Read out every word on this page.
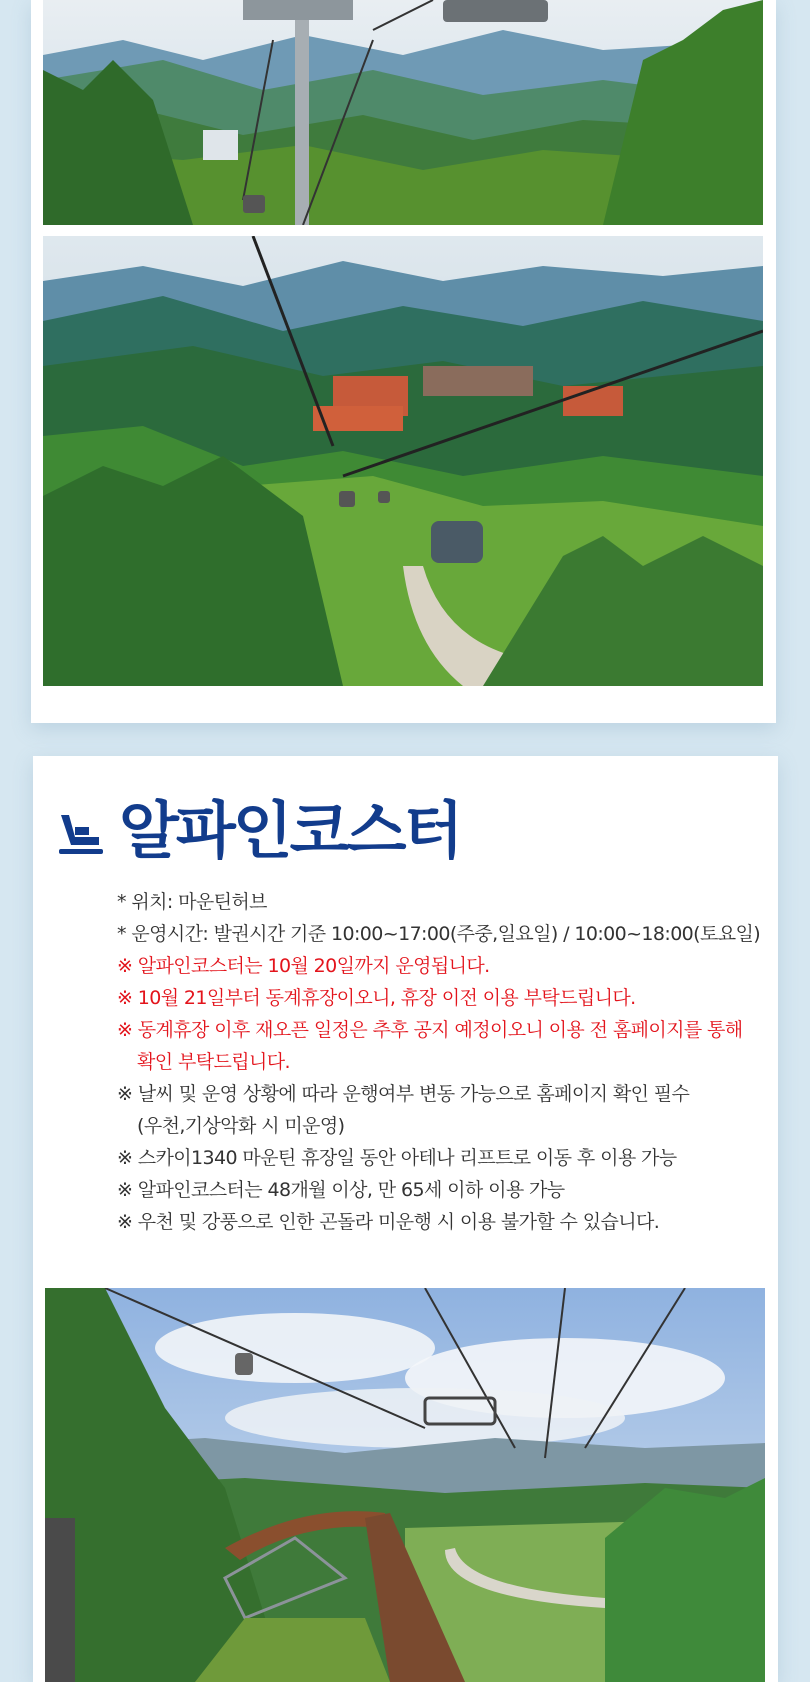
알파인코스터
* 위치: 마운틴허브
* 운영시간: 발권시간 기준 10:00~17:00(주중,일요일) / 10:00~18:00(토요일)
※ 알파인코스터는 10월 20일까지 운영됩니다.
※ 10월 21일부터 동계휴장이오니, 휴장 이전 이용 부탁드립니다.
※ 동계휴장 이후 재오픈 일정은 추후 공지 예정이오니 이용 전 홈페이지를 통해
확인 부탁드립니다.
※ 날씨 및 운영 상황에 따라 운행여부 변동 가능으로 홈페이지 확인 필수
(우천,기상악화 시 미운영)
※ 스카이1340 마운틴 휴장일 동안 아테나 리프트로 이동 후 이용 가능
※ 알파인코스터는 48개월 이상, 만 65세 이하 이용 가능
※ 우천 및 강풍으로 인한 곤돌라 미운행 시 이용 불가할 수 있습니다.
